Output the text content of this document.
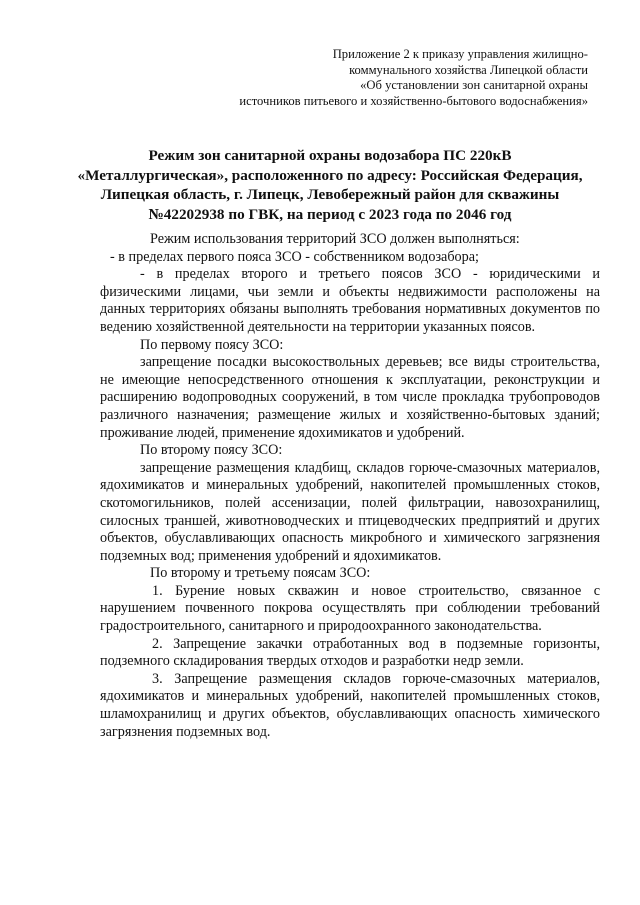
Приложение 2 к приказу управления жилищно-
коммунального хозяйства Липецкой области
«Об установлении зон санитарной охраны
источников питьевого и хозяйственно-бытового водоснабжения»
Режим зон санитарной охраны водозабора ПС 220кВ
«Металлургическая», расположенного по адресу: Российская Федерация,
Липецкая область, г. Липецк, Левобережный район для скважины
№42202938 по ГВК, на период с 2023 года по 2046 год

Режим использования территорий ЗСО должен выполняться:

- в пределах первого пояса ЗСО - собственником водозабора;

- в пределах второго и третьего поясов ЗСО - юридическими и физическими лицами, чьи земли и объекты недвижимости расположены на данных территориях обязаны выполнять требования нормативных документов по ведению хозяйственной деятельности на территории указанных поясов.

По первому поясу ЗСО:

запрещение посадки высокоствольных деревьев; все виды строительства, не имеющие непосредственного отношения к эксплуатации, реконструкции и расширению водопроводных сооружений, в том числе прокладка трубопроводов различного назначения; размещение жилых и хозяйственно-бытовых зданий; проживание людей, применение ядохимикатов и удобрений.

По второму поясу ЗСО:

запрещение размещения кладбищ, складов горюче-смазочных материалов, ядохимикатов и минеральных удобрений, накопителей промышленных стоков, скотомогильников, полей ассенизации, полей фильтрации, навозохранилищ, силосных траншей, животноводческих и птицеводческих предприятий и других объектов, обуславливающих опасность микробного и химического загрязнения подземных вод; применения удобрений и ядохимикатов.

По второму и третьему поясам ЗСО:

1. Бурение новых скважин и новое строительство, связанное с нарушением почвенного покрова осуществлять при соблюдении требований градостроительного, санитарного и природоохранного законодательства.

2. Запрещение закачки отработанных вод в подземные горизонты, подземного складирования твердых отходов и разработки недр земли.

3. Запрещение размещения складов горюче-смазочных материалов, ядохимикатов и минеральных удобрений, накопителей промышленных стоков, шламохранилищ и других объектов, обуславливающих опасность химического загрязнения подземных вод.
